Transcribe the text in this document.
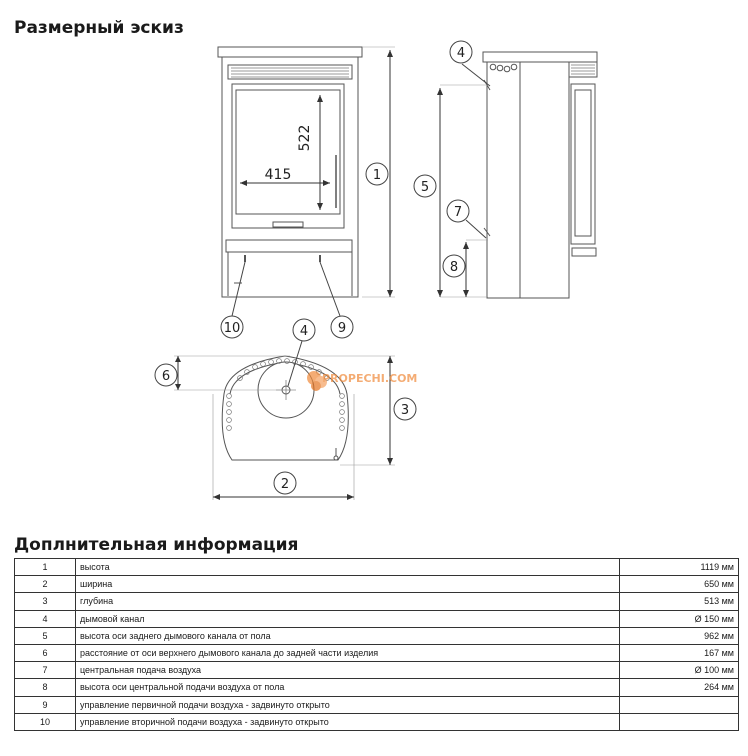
Размерный эскиз
415
522
PROPECHI.COM
1
4
5
7
8
10	9
4
6
3
2
Доплнительная информация
1	высота	1119 мм
2	ширина	650 мм
3	глубина	513 мм
4	дымовой канал	Ø 150 мм
5	высота оси заднего дымового канала от пола	962 мм
6	расстояние от оси верхнего дымового канала до задней части изделия	167 мм
7	центральная подача воздуха	Ø 100 мм
8	высота оси центральной подачи воздуха от пола	264 мм
9	управление первичной подачи воздуха - задвинуто открыто	
10	управление вторичной подачи воздуха - задвинуто открыто	
